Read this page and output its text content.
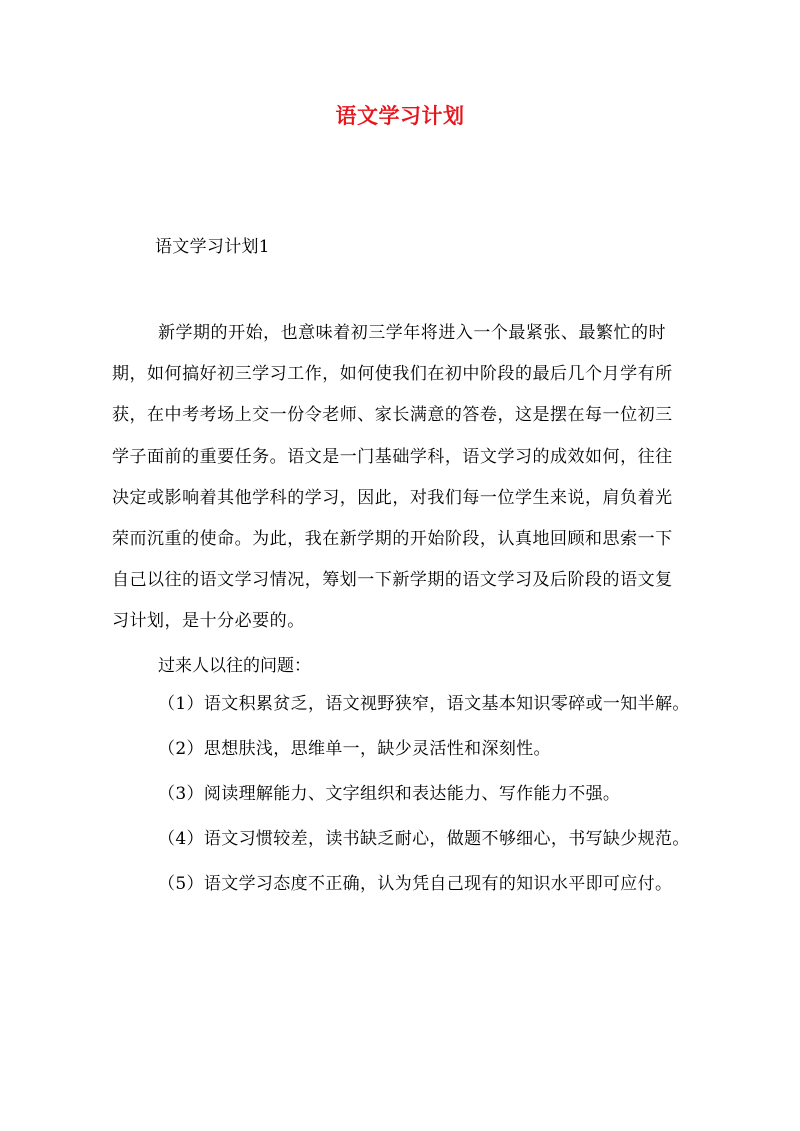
语文学习计划
语文学习计划1

新学期的开始，也意味着初三学年将进入一个最紧张、最繁忙的时期，如何搞好初三学习工作，如何使我们在初中阶段的最后几个月学有所获，在中考考场上交一份令老师、家长满意的答卷，这是摆在每一位初三学子面前的重要任务。语文是一门基础学科，语文学习的成效如何，往往决定或影响着其他学科的学习，因此，对我们每一位学生来说，肩负着光荣而沉重的使命。为此，我在新学期的开始阶段，认真地回顾和思索一下自己以往的语文学习情况，筹划一下新学期的语文学习及后阶段的语文复习计划，是十分必要的。

过来人以往的问题：

（1）语文积累贫乏，语文视野狭窄，语文基本知识零碎或一知半解。

（2）思想肤浅，思维单一，缺少灵活性和深刻性。

（3）阅读理解能力、文字组织和表达能力、写作能力不强。

（4）语文习惯较差，读书缺乏耐心，做题不够细心，书写缺少规范。

（5）语文学习态度不正确，认为凭自己现有的知识水平即可应付。
